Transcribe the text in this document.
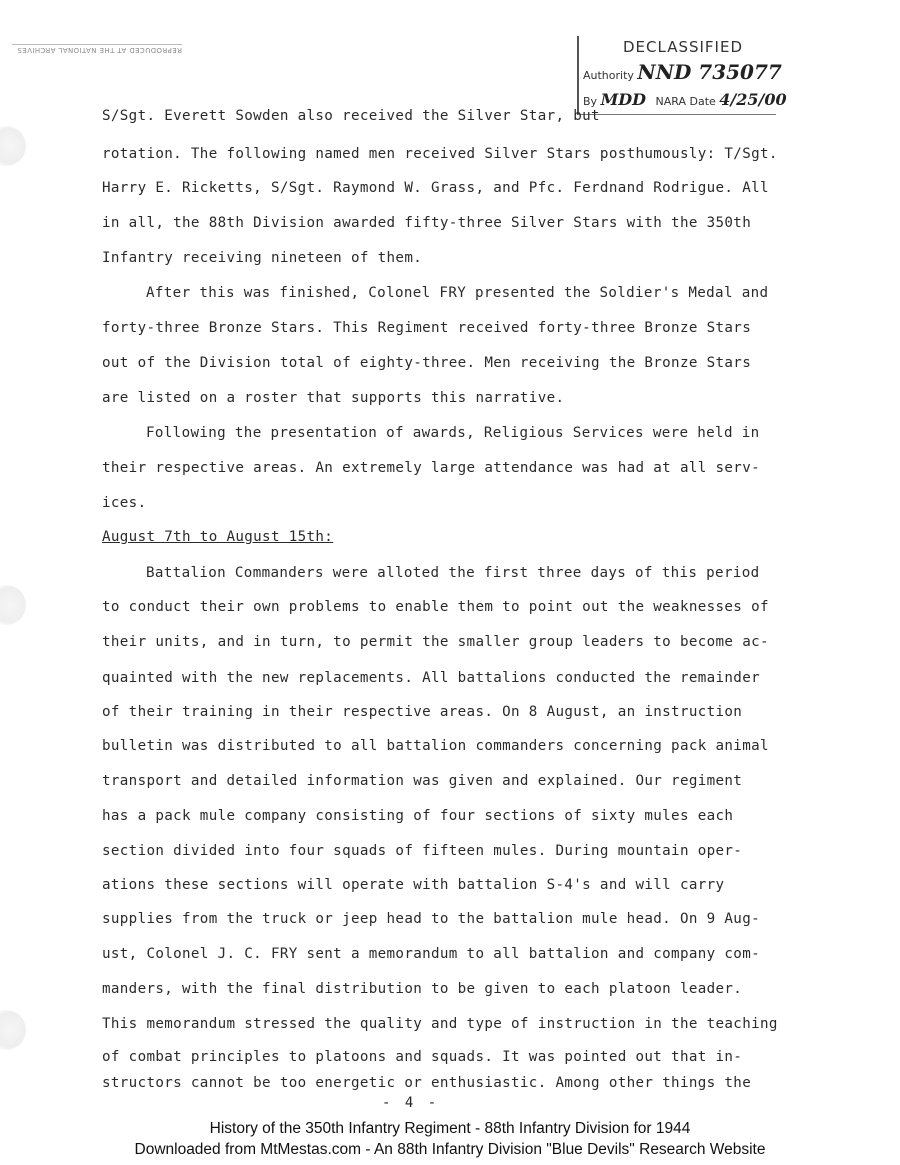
REPRODUCED AT THE NATIONAL ARCHIVES	DECLASSIFIED
Authority NND 735077
By MDD NARA Date 4/25/00
S/Sgt. Everett Sowden also received the Silver Star, but
rotation. The following named men received Silver Stars posthumously: T/Sgt.
Harry E. Ricketts, S/Sgt. Raymond W. Grass, and Pfc. Ferdnand Rodrigue. All
in all, the 88th Division awarded fifty-three Silver Stars with the 350th
Infantry receiving nineteen of them.
After this was finished, Colonel FRY presented the Soldier's Medal and
forty-three Bronze Stars. This Regiment received forty-three Bronze Stars
out of the Division total of eighty-three. Men receiving the Bronze Stars
are listed on a roster that supports this narrative.
Following the presentation of awards, Religious Services were held in
their respective areas. An extremely large attendance was had at all serv-
ices.
August 7th to August 15th:
Battalion Commanders were alloted the first three days of this period
to conduct their own problems to enable them to point out the weaknesses of
their units, and in turn, to permit the smaller group leaders to become ac-
quainted with the new replacements. All battalions conducted the remainder
of their training in their respective areas. On 8 August, an instruction
bulletin was distributed to all battalion commanders concerning pack animal
transport and detailed information was given and explained. Our regiment
has a pack mule company consisting of four sections of sixty mules each
section divided into four squads of fifteen mules. During mountain oper-
ations these sections will operate with battalion S-4's and will carry
supplies from the truck or jeep head to the battalion mule head. On 9 Aug-
ust, Colonel J. C. FRY sent a memorandum to all battalion and company com-
manders, with the final distribution to be given to each platoon leader.
This memorandum stressed the quality and type of instruction in the teaching
of combat principles to platoons and squads. It was pointed out that in-
structors cannot be too energetic or enthusiastic. Among other things the
- 4 -
History of the 350th Infantry Regiment - 88th Infantry Division for 1944
Downloaded from MtMestas.com - An 88th Infantry Division "Blue Devils" Research Website
